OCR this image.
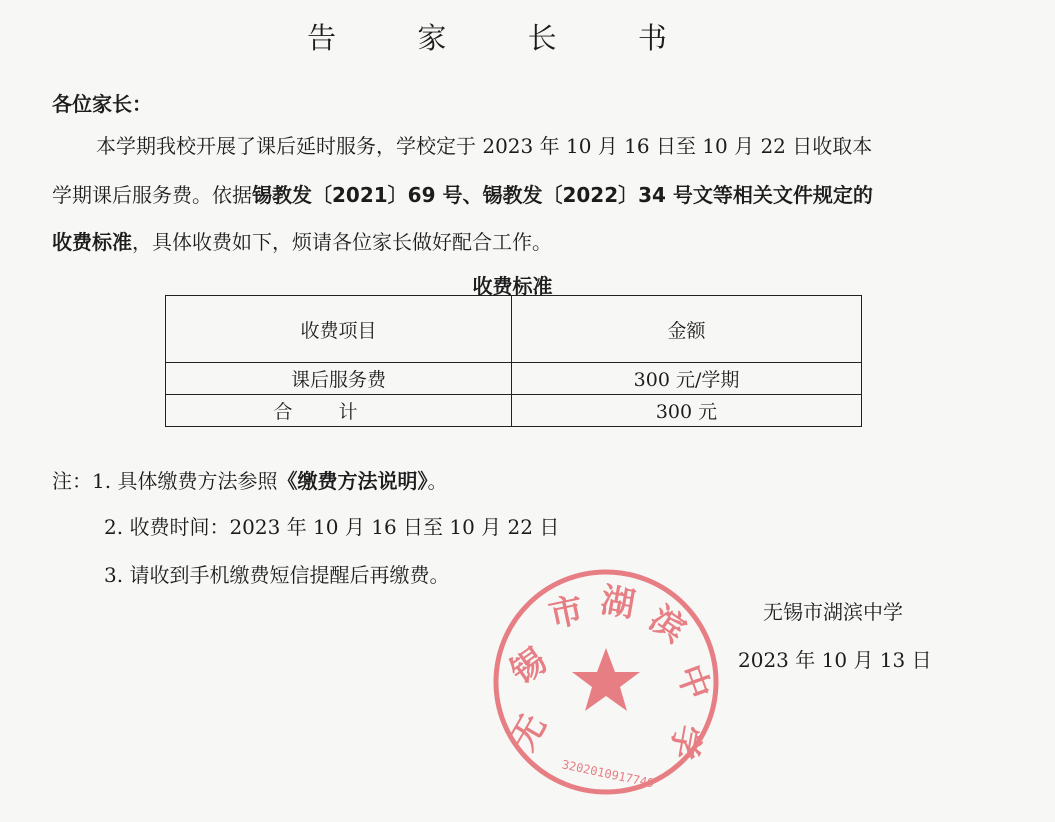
告 家 长 书
各位家长：
本学期我校开展了课后延时服务，学校定于 2023 年 10 月 16 日至 10 月 22 日收取本
学期课后服务费。依据锡教发〔2021〕69 号、锡教发〔2022〕34 号文等相关文件规定的
收费标准，具体收费如下，烦请各位家长做好配合工作。
收费标准
收费项目	金额
课后服务费	300 元/学期
合计	300 元
注：1. 具体缴费方法参照《缴费方法说明》。
2. 收费时间：2023 年 10 月 16 日至 10 月 22 日
3. 请收到手机缴费短信提醒后再缴费。
无锡市湖滨中学
2023 年 10 月 13 日
无
锡
市 湖 滨
中
学
3202010917749
